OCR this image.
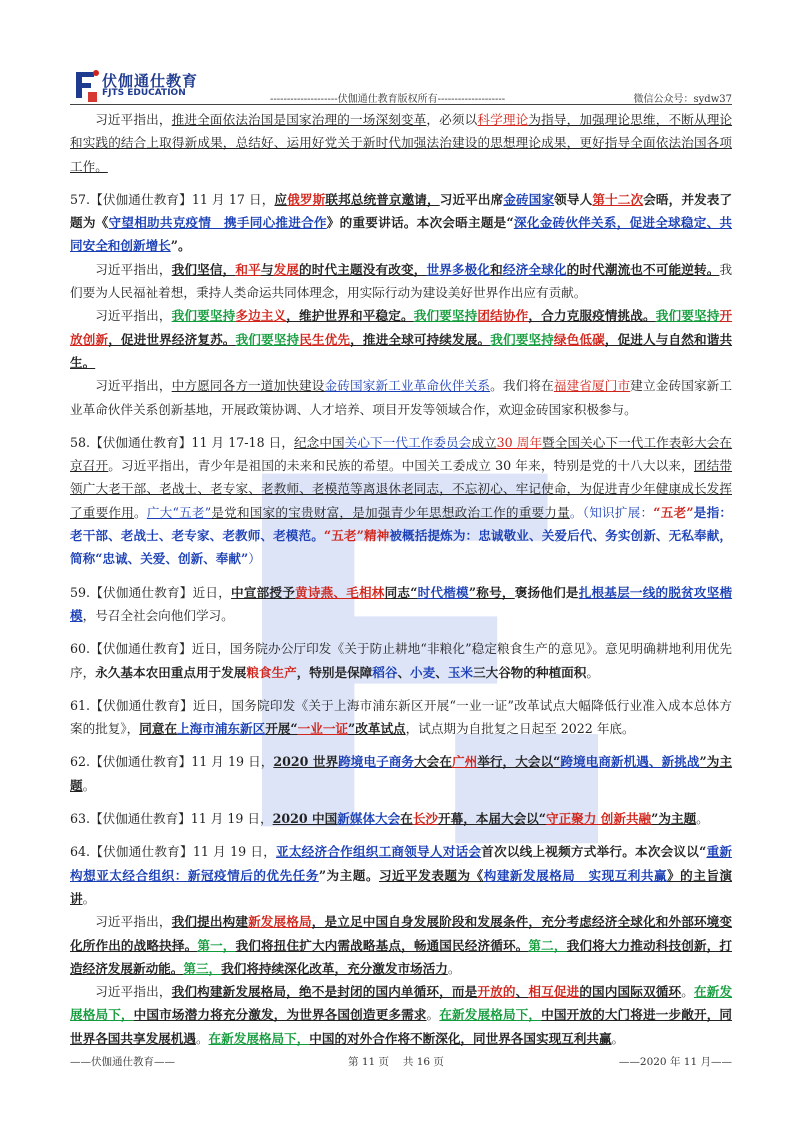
伏伽通仕教育
FJTS EDUCATION
--------------------伏伽通仕教育版权所有--------------------	微信公众号：sydw37

习近平指出，推进全面依法治国是国家治理的一场深刻变革，必须以科学理论为指导，加强理论思维，不断从理论和实践的结合上取得新成果，总结好、运用好党关于新时代加强法治建设的思想理论成果，更好指导全面依法治国各项工作。

57.【伏伽通仕教育】11 月 17 日，应俄罗斯联邦总统普京邀请，习近平出席金砖国家领导人第十二次会晤，并发表了题为《守望相助共克疫情　携手同心推进合作》的重要讲话。本次会晤主题是“深化金砖伙伴关系，促进全球稳定、共同安全和创新增长”。

习近平指出，我们坚信，和平与发展的时代主题没有改变，世界多极化和经济全球化的时代潮流也不可能逆转。我们要为人民福祉着想，秉持人类命运共同体理念，用实际行动为建设美好世界作出应有贡献。

习近平指出，我们要坚持多边主义，维护世界和平稳定。我们要坚持团结协作，合力克服疫情挑战。我们要坚持开放创新，促进世界经济复苏。我们要坚持民生优先，推进全球可持续发展。我们要坚持绿色低碳，促进人与自然和谐共生。

习近平指出，中方愿同各方一道加快建设金砖国家新工业革命伙伴关系。我们将在福建省厦门市建立金砖国家新工业革命伙伴关系创新基地，开展政策协调、人才培养、项目开发等领域合作，欢迎金砖国家积极参与。

58.【伏伽通仕教育】11 月 17-18 日，纪念中国关心下一代工作委员会成立30 周年暨全国关心下一代工作表彰大会在京召开。习近平指出，青少年是祖国的未来和民族的希望。中国关工委成立 30 年来，特别是党的十八大以来，团结带领广大老干部、老战士、老专家、老教师、老模范等离退休老同志，不忘初心、牢记使命，为促进青少年健康成长发挥了重要作用。广大“五老”是党和国家的宝贵财富，是加强青少年思想政治工作的重要力量。（知识扩展：“五老”是指：老干部、老战士、老专家、老教师、老模范。“五老”精神被概括提炼为：忠诚敬业、关爱后代、务实创新、无私奉献，简称“忠诚、关爱、创新、奉献”）

59.【伏伽通仕教育】近日，中宣部授予黄诗燕、毛相林同志“时代楷模”称号，褒扬他们是扎根基层一线的脱贫攻坚楷模，号召全社会向他们学习。

60.【伏伽通仕教育】近日，国务院办公厅印发《关于防止耕地“非粮化”稳定粮食生产的意见》。意见明确耕地利用优先序，永久基本农田重点用于发展粮食生产，特别是保障稻谷、小麦、玉米三大谷物的种植面积。

61.【伏伽通仕教育】近日，国务院印发《关于上海市浦东新区开展“一业一证”改革试点大幅降低行业准入成本总体方案的批复》，同意在上海市浦东新区开展“一业一证”改革试点，试点期为自批复之日起至 2022 年底。

62.【伏伽通仕教育】11 月 19 日，2020 世界跨境电子商务大会在广州举行，大会以“跨境电商新机遇、新挑战”为主题。

63.【伏伽通仕教育】11 月 19 日，2020 中国新媒体大会在长沙开幕，本届大会以“守正聚力 创新共融”为主题。

64.【伏伽通仕教育】11 月 19 日，亚太经济合作组织工商领导人对话会首次以线上视频方式举行。本次会议以“重新构想亚太经合组织：新冠疫情后的优先任务”为主题。习近平发表题为《构建新发展格局　实现互利共赢》的主旨演讲。

习近平指出，我们提出构建新发展格局，是立足中国自身发展阶段和发展条件，充分考虑经济全球化和外部环境变化所作出的战略抉择。第一，我们将扭住扩大内需战略基点，畅通国民经济循环。第二，我们将大力推动科技创新，打造经济发展新动能。第三，我们将持续深化改革，充分激发市场活力。

习近平指出，我们构建新发展格局，绝不是封闭的国内单循环，而是开放的、相互促进的国内国际双循环。在新发展格局下，中国市场潜力将充分激发，为世界各国创造更多需求。在新发展格局下，中国开放的大门将进一步敞开，同世界各国共享发展机遇。在新发展格局下，中国的对外合作将不断深化，同世界各国实现互利共赢。

——伏伽通仕教育——	第 11 页　 共 16 页	——2020 年 11 月——
